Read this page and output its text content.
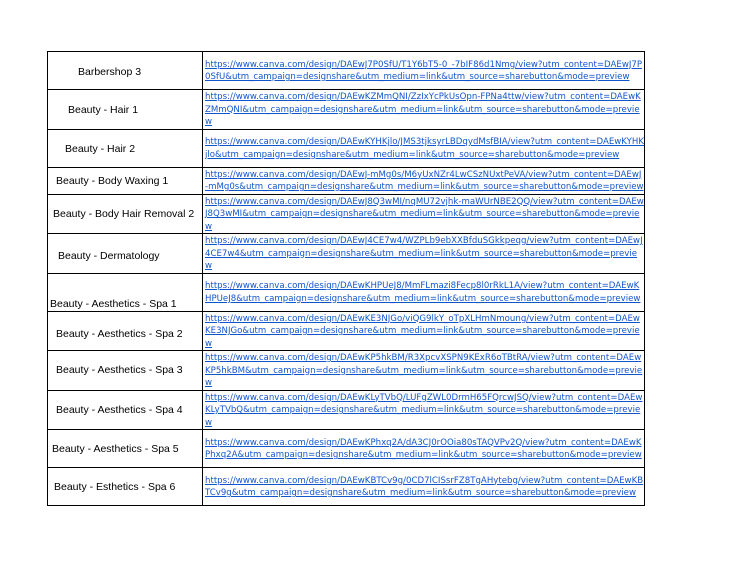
Barbershop 3	https://www.canva.com/design/DAEwJ7P0SfU/T1Y6bT5-0_-7bIF86d1Nmg/view?utm_content=DAEwJ7P0SfU&utm_campaign=designshare&utm_medium=link&utm_source=sharebutton&mode=preview

Beauty - Hair 1	https://www.canva.com/design/DAEwKZMmQNI/ZzIxYcPkUsOpn-FPNa4ttw/view?utm_content=DAEwKZMmQNI&utm_campaign=designshare&utm_medium=link&utm_source=sharebutton&mode=preview

Beauty - Hair 2	https://www.canva.com/design/DAEwKYHKjlo/JMS3tjksyrLBDqydMsfBIA/view?utm_content=DAEwKYHKjlo&utm_campaign=designshare&utm_medium=link&utm_source=sharebutton&mode=preview

Beauty - Body Waxing 1	https://www.canva.com/design/DAEwJ-mMg0s/M6yUxNZr4LwCSzNUxtPeVA/view?utm_content=DAEwJ-mMg0s&utm_campaign=designshare&utm_medium=link&utm_source=sharebutton&mode=preview

Beauty - Body Hair Removal 2	https://www.canva.com/design/DAEwJ8Q3wMI/nqMU72vjhk-maWUrNBE2QQ/view?utm_content=DAEwJ8Q3wMI&utm_campaign=designshare&utm_medium=link&utm_source=sharebutton&mode=preview

Beauty - Dermatology	https://www.canva.com/design/DAEwJ4CE7w4/WZPLb9ebXXBfduSGkkpeqg/view?utm_content=DAEwJ4CE7w4&utm_campaign=designshare&utm_medium=link&utm_source=sharebutton&mode=preview

Beauty - Aesthetics - Spa 1	https://www.canva.com/design/DAEwKHPUeJ8/MmFLmazi8Fecp8l0rRkL1A/view?utm_content=DAEwKHPUeJ8&utm_campaign=designshare&utm_medium=link&utm_source=sharebutton&mode=preview

Beauty - Aesthetics - Spa 2	https://www.canva.com/design/DAEwKE3NJGo/viQG9lkY_oTpXLHmNmoung/view?utm_content=DAEwKE3NJGo&utm_campaign=designshare&utm_medium=link&utm_source=sharebutton&mode=preview

Beauty - Aesthetics - Spa 3	https://www.canva.com/design/DAEwKP5hkBM/R3XpcvXSPN9KExR6oTBtRA/view?utm_content=DAEwKP5hkBM&utm_campaign=designshare&utm_medium=link&utm_source=sharebutton&mode=preview

Beauty - Aesthetics - Spa 4	https://www.canva.com/design/DAEwKLyTVbQ/LUFgZWL0DrmH65FQrcwJSQ/view?utm_content=DAEwKLyTVbQ&utm_campaign=designshare&utm_medium=link&utm_source=sharebutton&mode=preview

Beauty - Aesthetics - Spa 5	https://www.canva.com/design/DAEwKPhxq2A/dA3CJ0rOOia80sTAQVPv2Q/view?utm_content=DAEwKPhxq2A&utm_campaign=designshare&utm_medium=link&utm_source=sharebutton&mode=preview

Beauty - Esthetics - Spa 6	https://www.canva.com/design/DAEwKBTCv9g/0CD7lCISsrFZ8TgAHytebg/view?utm_content=DAEwKBTCv9g&utm_campaign=designshare&utm_medium=link&utm_source=sharebutton&mode=preview
